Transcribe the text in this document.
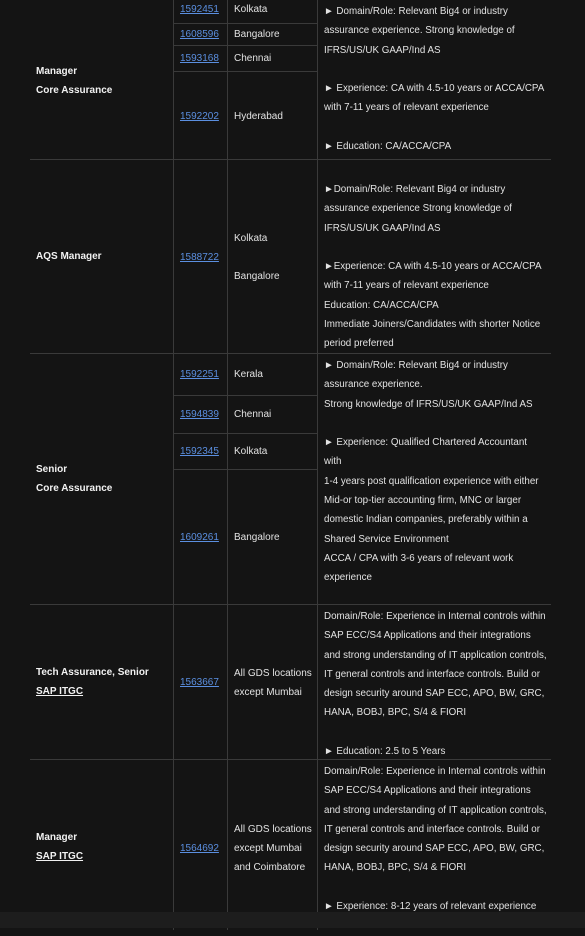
Manager
Core Assurance
1592451
1608596
1593168
1592202
Kolkata
Bangalore
Chennai
Hyderabad

► Domain/Role: Relevant Big4 or industry
assurance experience. Strong knowledge of
IFRS/US/UK GAAP/Ind AS

► Experience: CA with 4.5-10 years or ACCA/CPA
with 7-11 years of relevant experience

► Education: CA/ACCA/CPA

AQS Manager	1588722
Kolkata

Bangalore

►Domain/Role: Relevant Big4 or industry
assurance experience Strong knowledge of
IFRS/US/UK GAAP/Ind AS

►Experience: CA with 4.5-10 years or ACCA/CPA
with 7-11 years of relevant experience
Education: CA/ACCA/CPA
Immediate Joiners/Candidates with shorter Notice
period preferred

Senior
Core Assurance
1592251
1594839
1592345
1609261
Kerala
Chennai
Kolkata
Bangalore

► Domain/Role: Relevant Big4 or industry
assurance experience.
Strong knowledge of IFRS/US/UK GAAP/Ind AS

► Experience: Qualified Chartered Accountant with
1-4 years post qualification experience with either
Mid-or top-tier accounting firm, MNC or larger
domestic Indian companies, preferably within a
Shared Service Environment
ACCA / CPA with 3-6 years of relevant work
experience

Tech Assurance, Senior
SAP ITGC
1563667
All GDS locations
except Mumbai

Domain/Role: Experience in Internal controls within
SAP ECC/S4 Applications and their integrations
and strong understanding of IT application controls,
IT general controls and interface controls. Build or
design security around SAP ECC, APO, BW, GRC,
HANA, BOBJ, BPC, S/4 & FIORI

► Education: 2.5 to 5 Years

Manager
SAP ITGC
1564692
All GDS locations
except Mumbai
and Coimbatore

Domain/Role: Experience in Internal controls within
SAP ECC/S4 Applications and their integrations
and strong understanding of IT application controls,
IT general controls and interface controls. Build or
design security around SAP ECC, APO, BW, GRC,
HANA, BOBJ, BPC, S/4 & FIORI

► Experience: 8-12 years of relevant experience
